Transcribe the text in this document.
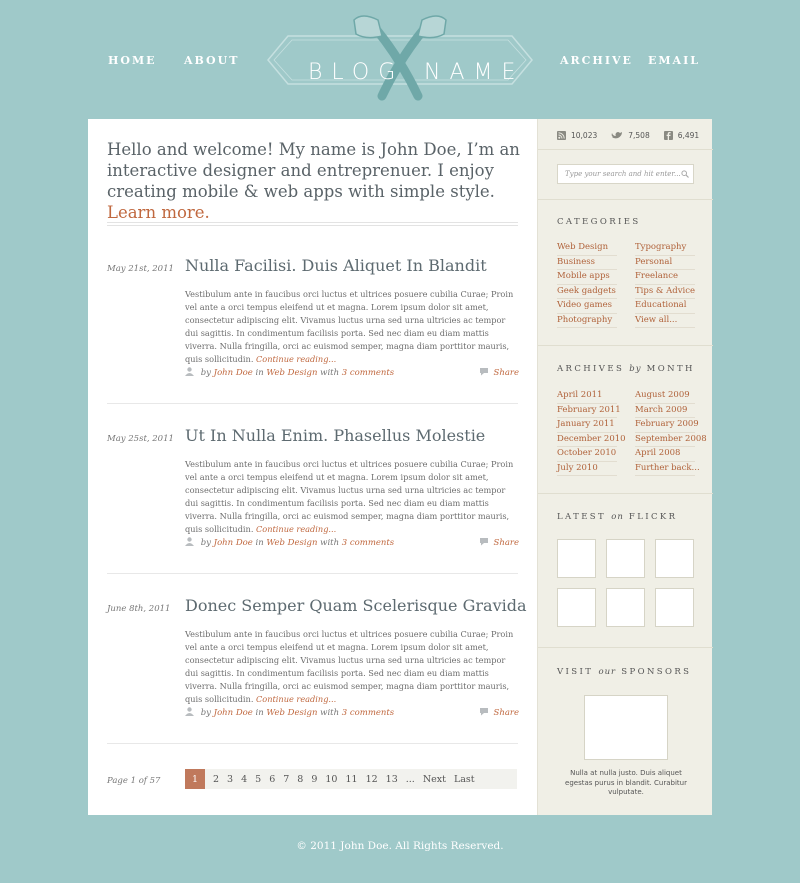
HOME ABOUT	ARCHIVE EMAIL
BLOG NAME

Hello and welcome! My name is John Doe, I’m an interactive designer and entreprenuer. I enjoy creating mobile & web apps with simple style. Learn more.

May 21st, 2011 Nulla Facilisi. Duis Aliquet In Blandit

Vestibulum ante in faucibus orci luctus et ultrices posuere cubilia Curae; Proin vel ante a orci tempus eleifend ut et magna. Lorem ipsum dolor sit amet, consectetur adipiscing elit. Vivamus luctus urna sed urna ultricies ac tempor dui sagittis. In condimentum facilisis porta. Sed nec diam eu diam mattis viverra. Nulla fringilla, orci ac euismod semper, magna diam porttitor mauris, quis sollicitudin. Continue reading...

by John Doe in Web Design with 3 comments	Share
May 25st, 2011 Ut In Nulla Enim. Phasellus Molestie

Vestibulum ante in faucibus orci luctus et ultrices posuere cubilia Curae; Proin vel ante a orci tempus eleifend ut et magna. Lorem ipsum dolor sit amet, consectetur adipiscing elit. Vivamus luctus urna sed urna ultricies ac tempor dui sagittis. In condimentum facilisis porta. Sed nec diam eu diam mattis viverra. Nulla fringilla, orci ac euismod semper, magna diam porttitor mauris, quis sollicitudin. Continue reading...

by John Doe in Web Design with 3 comments	Share
June 8th, 2011 Donec Semper Quam Scelerisque Gravida

Vestibulum ante in faucibus orci luctus et ultrices posuere cubilia Curae; Proin vel ante a orci tempus eleifend ut et magna. Lorem ipsum dolor sit amet, consectetur adipiscing elit. Vivamus luctus urna sed urna ultricies ac tempor dui sagittis. In condimentum facilisis porta. Sed nec diam eu diam mattis viverra. Nulla fringilla, orci ac euismod semper, magna diam porttitor mauris, quis sollicitudin. Continue reading...

by John Doe in Web Design with 3 comments	Share
Page 1 of 57	1	2 3 4 5 6 7 8 9 10 11 12 13 ... Next Last
10,023	7,508	6,491
Type your search and hit enter...
CATEGORIES
Web Design
Business
Mobile apps
Geek gadgets
Video games
Photography
Typography
Personal
Freelance
Tips & Advice
Educational
View all...
ARCHIVES by MONTH
April 2011
February 2011
January 2011
December 2010
October 2010
July 2010
August 2009
March 2009
February 2009
September 2008
April 2008
Further back...
LATEST on FLICKR
VISIT our SPONSORS
Nulla at nulla justo. Duis aliquet egestas purus in blandit. Curabitur vulputate.
© 2011 John Doe. All Rights Reserved.
